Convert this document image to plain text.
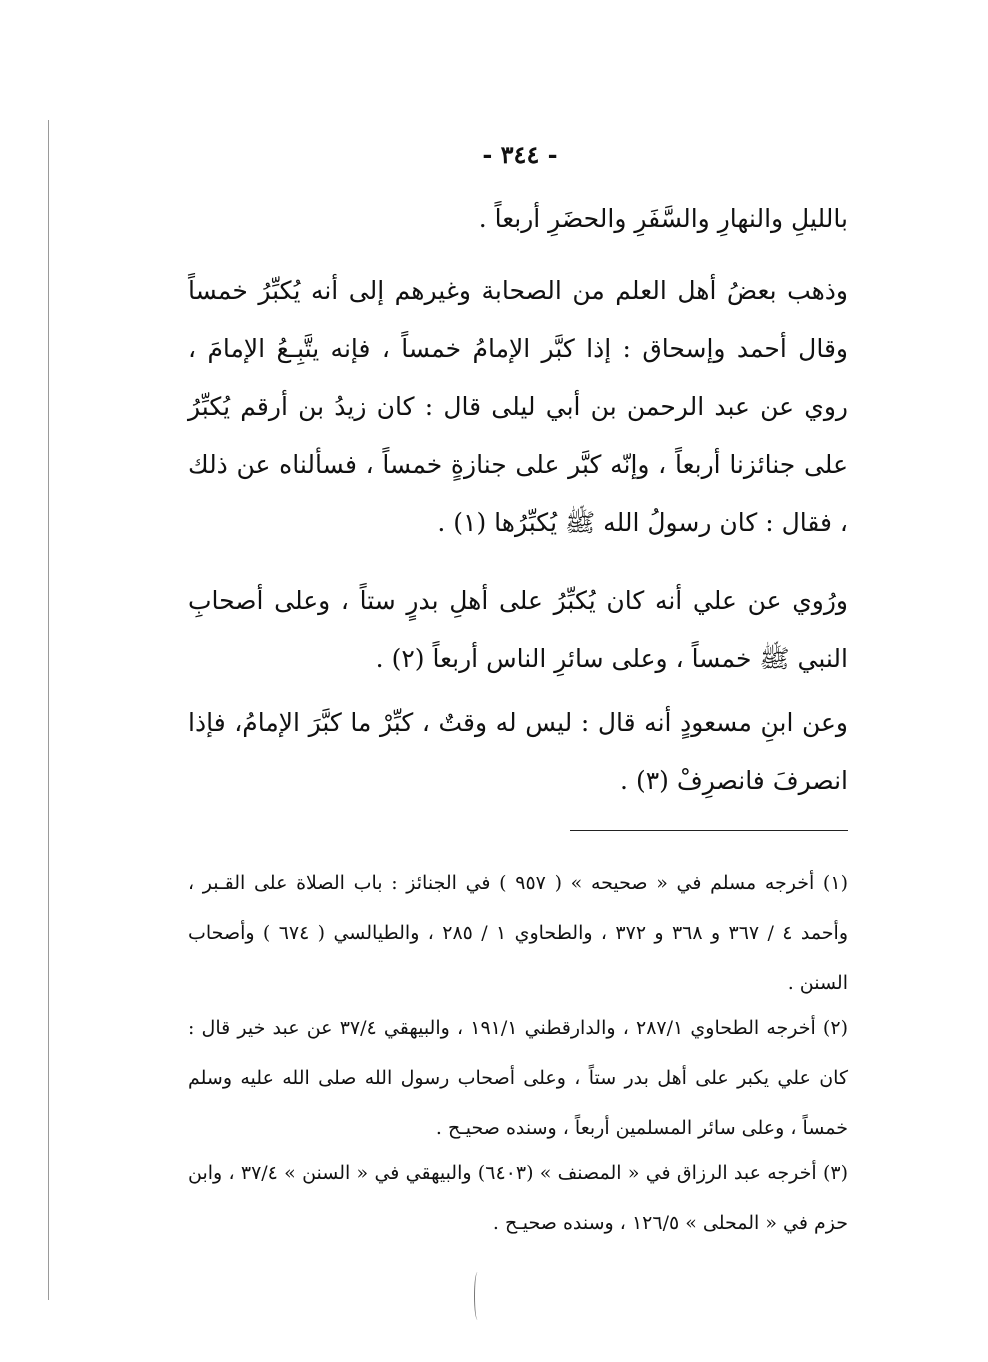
- ٣٤٤ -

بالليلِ والنهارِ والسَّفَرِ والحضَرِ أربعاً .

وذهب بعضُ أهل العلم من الصحابة وغيرهم إلى أنه يُكبِّرُ خمساً وقال أحمد وإسحاق : إذا كبَّر الإمامُ خمساً ، فإنه يتَّبِـعُ الإمامَ ، روي عن عبد الرحمن بن أبي ليلى قال : كان زيدُ بن أرقم يُكبِّرُ على جنائزنا أربعاً ، وإنّه كبَّر على جنازةٍ خمساً ، فسألناه عن ذلك ، فقال : كان رسولُ الله ﷺ يُكبِّرُها (١) .

ورُوي عن علي أنه كان يُكبِّرُ على أهلِ بدرٍ ستاً ، وعلى أصحابِ النبي ﷺ خمساً ، وعلى سائرِ الناس أربعاً (٢) .

وعن ابنِ مسعودٍ أنه قال : ليس له وقتٌ ، كبِّرْ ما كبَّرَ الإمامُ، فإذا انصرفَ فانصرِفْ (٣) .

(١) أخرجه مسلم في « صحيحه » ( ٩٥٧ ) في الجنائز : باب الصلاة على القـبر ، وأحمد ٤ / ٣٦٧ و ٣٦٨ و ٣٧٢ ، والطحاوي ١ / ٢٨٥ ، والطيالسي ( ٦٧٤ ) وأصحاب السنن .

(٢) أخرجه الطحاوي ٢٨٧/١ ، والدارقطني ١٩١/١ ، والبيهقي ٣٧/٤ عن عبد خير قال : كان علي يكبر على أهل بدر ستاً ، وعلى أصحاب رسول الله صلى الله عليه وسلم خمساً ، وعلى سائر المسلمين أربعاً ، وسنده صحيـح .

(٣) أخرجه عبد الرزاق في « المصنف » (٦٤٠٣) والبيهقي في « السنن » ٣٧/٤ ، وابن حزم في « المحلى » ١٢٦/٥ ، وسنده صحيـح .
